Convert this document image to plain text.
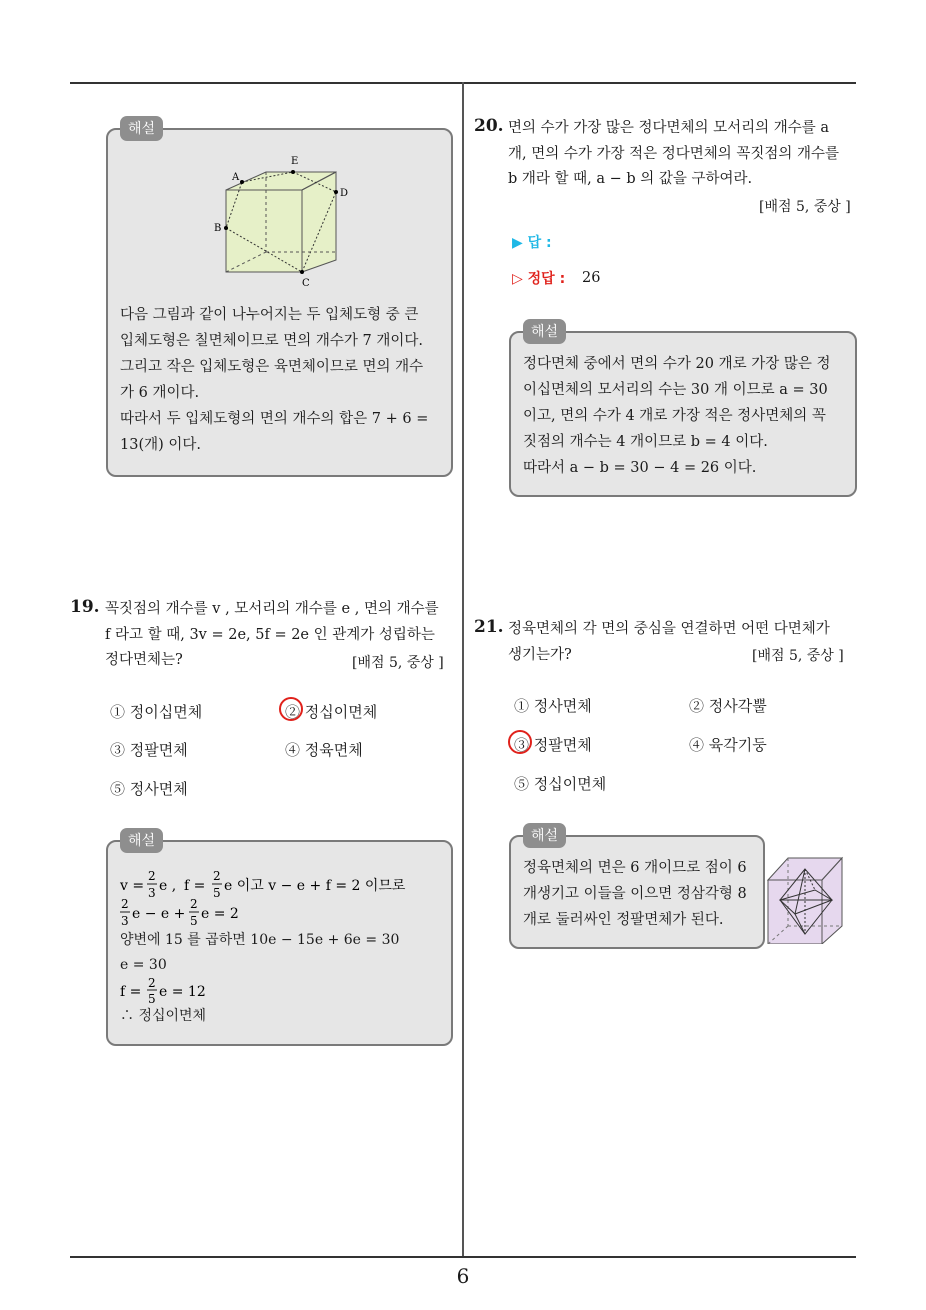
해설
A
E
D
B
C
다음 그림과 같이 나누어지는 두 입체도형 중 큰
입체도형은 칠면체이므로 면의 개수가 7 개이다.
그리고 작은 입체도형은 육면체이므로 면의 개수
가 6 개이다.
따라서 두 입체도형의 면의 개수의 합은 7 + 6 =
13(개) 이다.
19. 꼭짓점의 개수를 v , 모서리의 개수를 e , 면의 개수를
f 라고 할 때, 3v = 2e, 5f = 2e 인 관계가 성립하는
정다면체는?	[배점 5, 중상 ]
① 정이십면체	② 정십이면체
③ 정팔면체	④ 정육면체
⑤ 정사면체
해설
v =
2
3 e , f =
2
5 e 이고 v − e + f = 2 이므로
2
3 e − e +
2
5 e = 2
양변에 15 를 곱하면 10e − 15e + 6e = 30
e = 30
f =
2
5 e = 12
∴ 정십이면체
20. 면의 수가 가장 많은 정다면체의 모서리의 개수를 a
개, 면의 수가 가장 적은 정다면체의 꼭짓점의 개수를
b 개라 할 때, a − b 의 값을 구하여라.
[배점 5, 중상 ]
▶ 답 :
▷ 정답 : 26
해설
정다면체 중에서 면의 수가 20 개로 가장 많은 정
이십면체의 모서리의 수는 30 개 이므로 a = 30
이고, 면의 수가 4 개로 가장 적은 정사면체의 꼭
짓점의 개수는 4 개이므로 b = 4 이다.
따라서 a − b = 30 − 4 = 26 이다.
21. 정육면체의 각 면의 중심을 연결하면 어떤 다면체가
생기는가?	[배점 5, 중상 ]
① 정사면체	② 정사각뿔
③ 정팔면체	④ 육각기둥
⑤ 정십이면체
해설
정육면체의 면은 6 개이므로 점이 6
개생기고 이들을 이으면 정삼각형 8
개로 둘러싸인 정팔면체가 된다.
6
